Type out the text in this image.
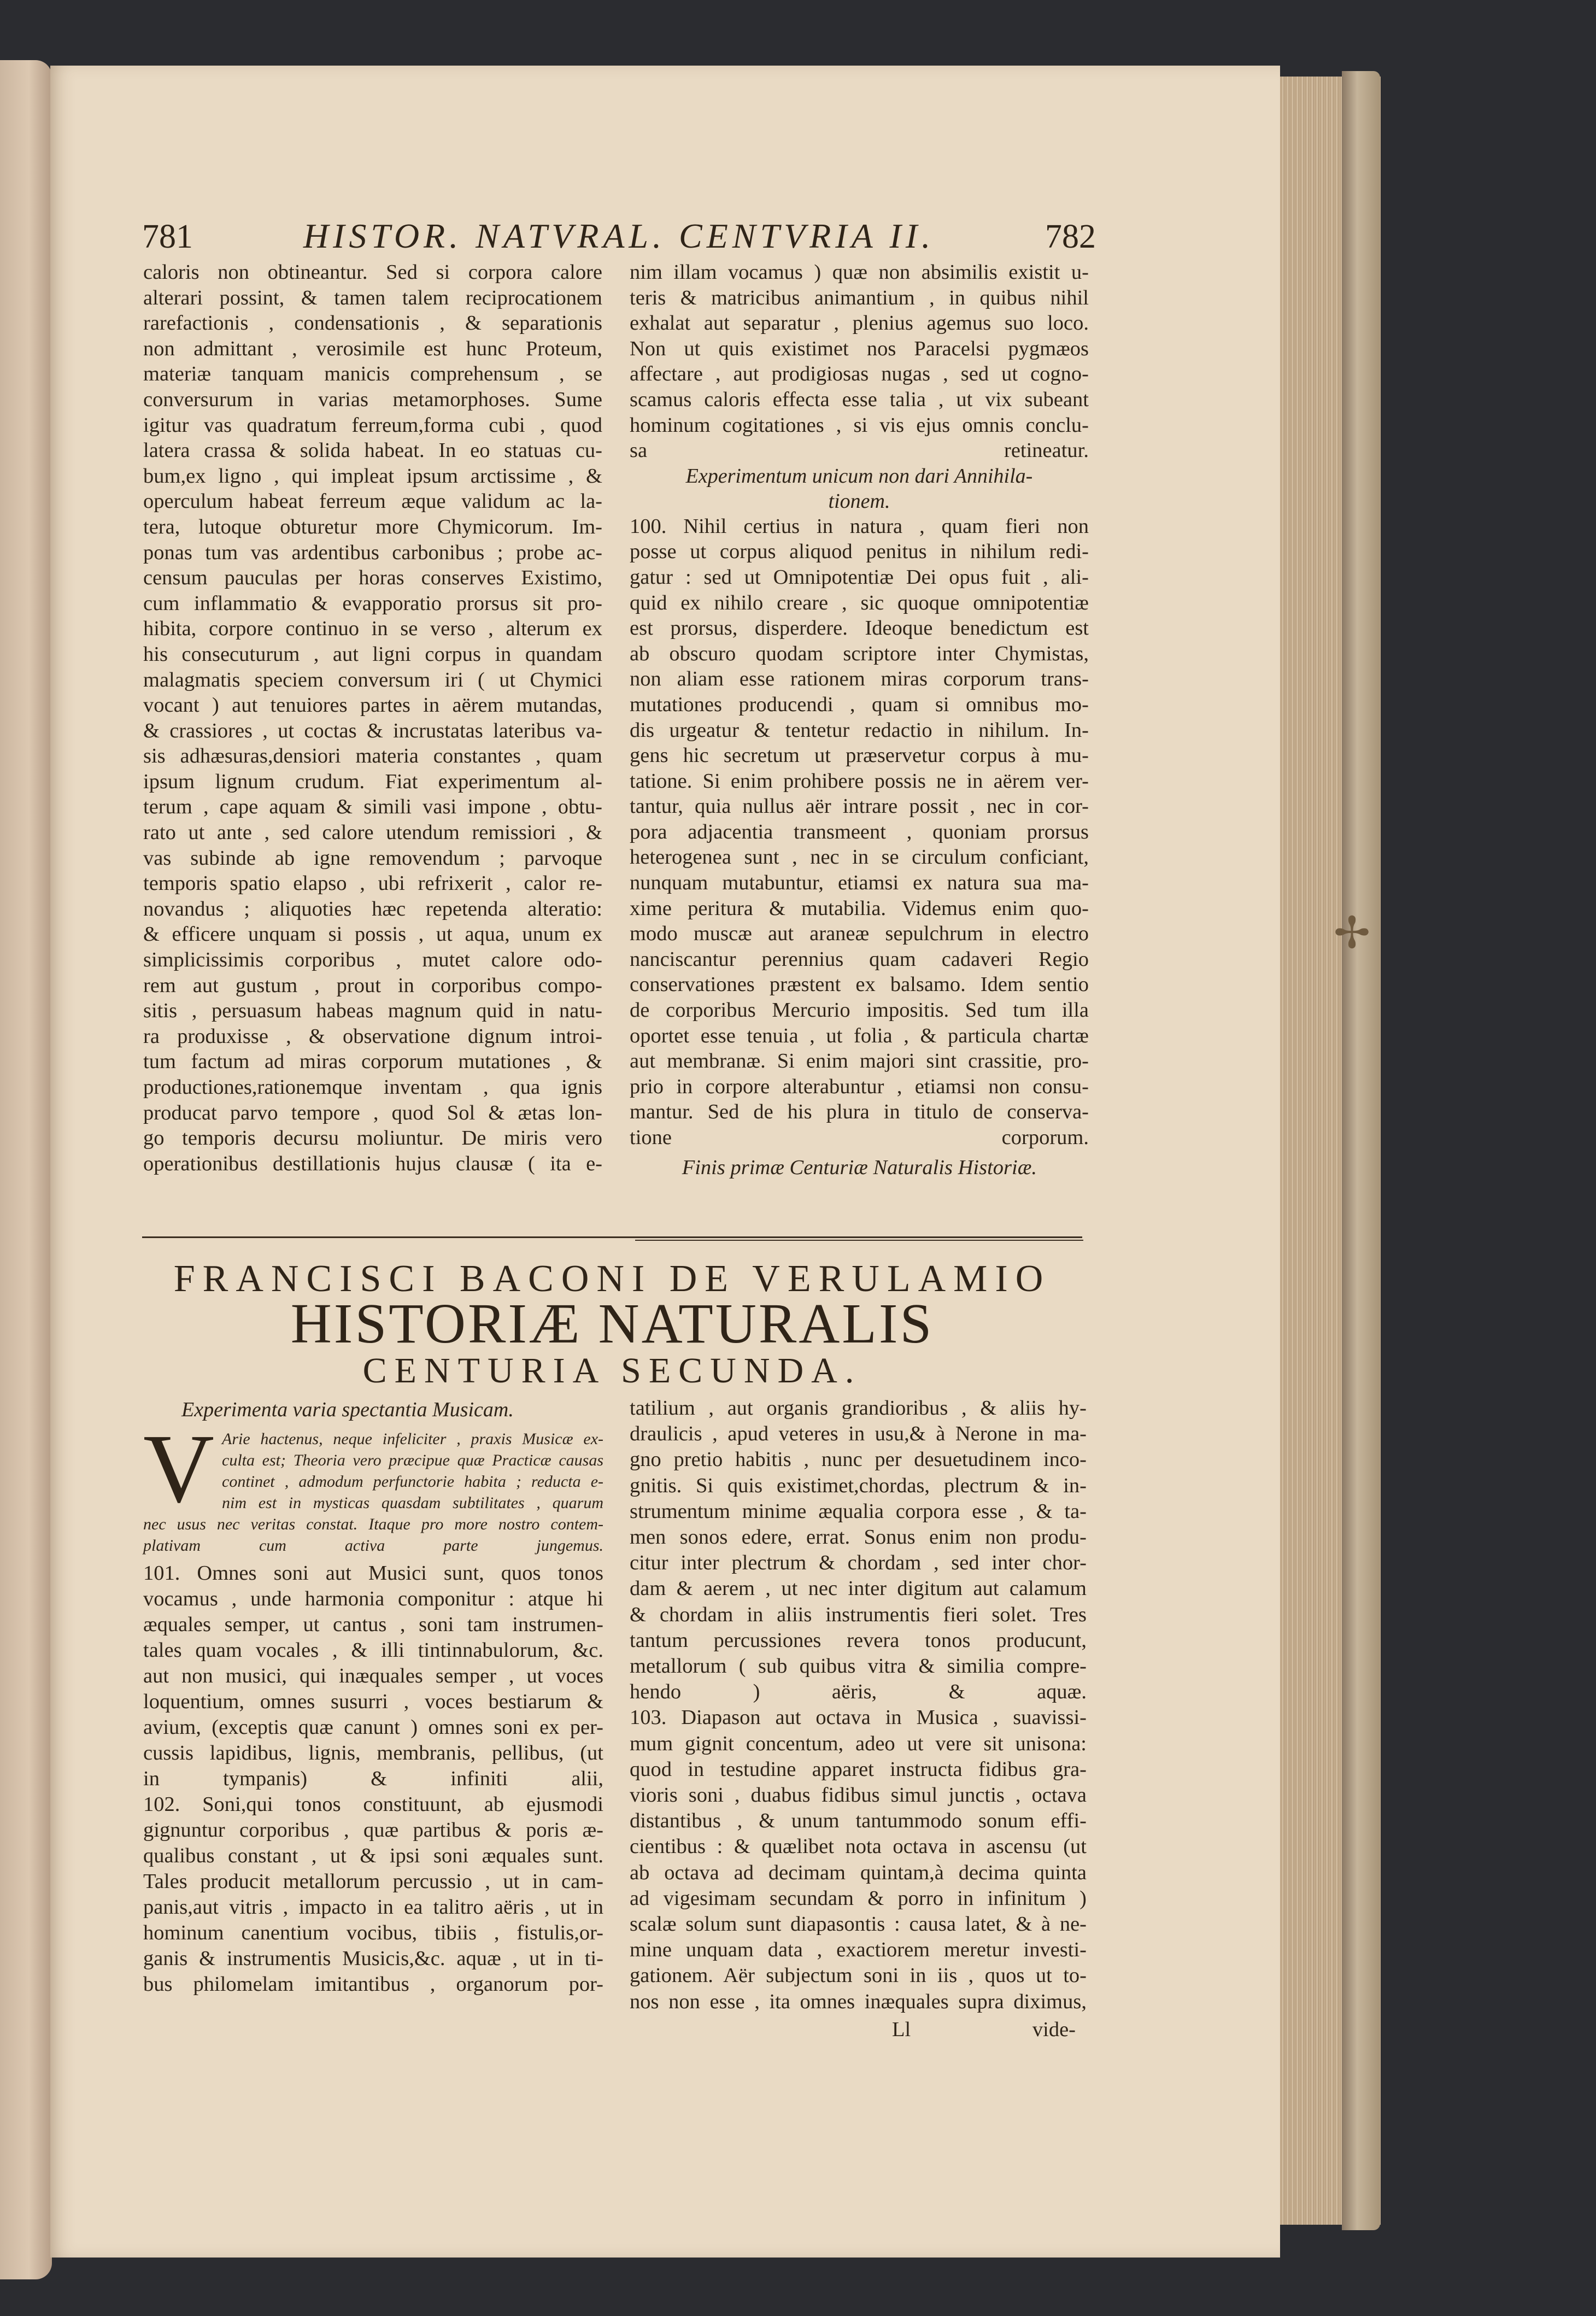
✢
781	HISTOR. NATVRAL. CENTVRIA II.	782
caloris non obtineantur. Sed si corpora calore
alterari possint, & tamen talem reciprocationem
rarefactionis , condensationis , & separationis
non admittant , verosimile est hunc Proteum,
materiæ tanquam manicis comprehensum , se
conversurum in varias metamorphoses. Sume
igitur vas quadratum ferreum,forma cubi , quod
latera crassa & solida habeat. In eo statuas cu-
bum,ex ligno , qui impleat ipsum arctissime , &
operculum habeat ferreum æque validum ac la-
tera, lutoque obturetur more Chymicorum. Im-
ponas tum vas ardentibus carbonibus ; probe ac-
censum pauculas per horas conserves Existimo,
cum inflammatio & evapporatio prorsus sit pro-
hibita, corpore continuo in se verso , alterum ex
his consecuturum , aut ligni corpus in quandam
malagmatis speciem conversum iri ( ut Chymici
vocant ) aut tenuiores partes in aërem mutandas,
& crassiores , ut coctas & incrustatas lateribus va-
sis adhæsuras,densiori materia constantes , quam
ipsum lignum crudum. Fiat experimentum al-
terum , cape aquam & simili vasi impone , obtu-
rato ut ante , sed calore utendum remissiori , &
vas subinde ab igne removendum ; parvoque
temporis spatio elapso , ubi refrixerit , calor re-
novandus ; aliquoties hæc repetenda alteratio:
& efficere unquam si possis , ut aqua, unum ex
simplicissimis corporibus , mutet calore odo-
rem aut gustum , prout in corporibus compo-
sitis , persuasum habeas magnum quid in natu-
ra produxisse , & observatione dignum introi-
tum factum ad miras corporum mutationes , &
productiones,rationemque inventam , qua ignis
producat parvo tempore , quod Sol & ætas lon-
go temporis decursu moliuntur. De miris vero
operationibus destillationis hujus clausæ ( ita e-
nim illam vocamus ) quæ non absimilis existit u-
teris & matricibus animantium , in quibus nihil
exhalat aut separatur , plenius agemus suo loco.
Non ut quis existimet nos Paracelsi pygmæos
affectare , aut prodigiosas nugas , sed ut cogno-
scamus caloris effecta esse talia , ut vix subeant
hominum cogitationes , si vis ejus omnis conclu-
sa retineatur.
Experimentum unicum non dari Annihila-
tionem.
100. Nihil certius in natura , quam fieri non
posse ut corpus aliquod penitus in nihilum redi-
gatur : sed ut Omnipotentiæ Dei opus fuit , ali-
quid ex nihilo creare , sic quoque omnipotentiæ
est prorsus, disperdere. Ideoque benedictum est
ab obscuro quodam scriptore inter Chymistas,
non aliam esse rationem miras corporum trans-
mutationes producendi , quam si omnibus mo-
dis urgeatur & tentetur redactio in nihilum. In-
gens hic secretum ut præservetur corpus à mu-
tatione. Si enim prohibere possis ne in aërem ver-
tantur, quia nullus aër intrare possit , nec in cor-
pora adjacentia transmeent , quoniam prorsus
heterogenea sunt , nec in se circulum conficiant,
nunquam mutabuntur, etiamsi ex natura sua ma-
xime peritura & mutabilia. Videmus enim quo-
modo muscæ aut araneæ sepulchrum in electro
nanciscantur perennius quam cadaveri Regio
conservationes præstent ex balsamo. Idem sentio
de corporibus Mercurio impositis. Sed tum illa
oportet esse tenuia , ut folia , & particula chartæ
aut membranæ. Si enim majori sint crassitie, pro-
prio in corpore alterabuntur , etiamsi non consu-
mantur. Sed de his plura in titulo de conserva-
tione corporum.
Finis primæ Centuriæ Naturalis Historiæ.
FRANCISCI BACONI DE VERULAMIO
HISTORIÆ NATURALIS
CENTURIA SECUNDA.
Experimenta varia spectantia Musicam.
V Arie hactenus, neque infeliciter , praxis Musicæ ex-
culta est; Theoria vero præcipue quæ Practicæ causas
continet , admodum perfunctorie habita ; reducta e-
nim est in mysticas quasdam subtilitates , quarum
nec usus nec veritas constat. Itaque pro more nostro contem-
plativam cum activa parte jungemus.
101. Omnes soni aut Musici sunt, quos tonos
vocamus , unde harmonia componitur : atque hi
æquales semper, ut cantus , soni tam instrumen-
tales quam vocales , & illi tintinnabulorum, &c.
aut non musici, qui inæquales semper , ut voces
loquentium, omnes susurri , voces bestiarum &
avium, (exceptis quæ canunt ) omnes soni ex per-
cussis lapidibus, lignis, membranis, pellibus, (ut
in tympanis) & infiniti alii,
102. Soni,qui tonos constituunt, ab ejusmodi
gignuntur corporibus , quæ partibus & poris æ-
qualibus constant , ut & ipsi soni æquales sunt.
Tales producit metallorum percussio , ut in cam-
panis,aut vitris , impacto in ea talitro aëris , ut in
hominum canentium vocibus, tibiis , fistulis,or-
ganis & instrumentis Musicis,&c. aquæ , ut in ti-
bus philomelam imitantibus , organorum por-
tatilium , aut organis grandioribus , & aliis hy-
draulicis , apud veteres in usu,& à Nerone in ma-
gno pretio habitis , nunc per desuetudinem inco-
gnitis. Si quis existimet,chordas, plectrum & in-
strumentum minime æqualia corpora esse , & ta-
men sonos edere, errat. Sonus enim non produ-
citur inter plectrum & chordam , sed inter chor-
dam & aerem , ut nec inter digitum aut calamum
& chordam in aliis instrumentis fieri solet. Tres
tantum percussiones revera tonos producunt,
metallorum ( sub quibus vitra & similia compre-
hendo ) aëris, & aquæ.
103. Diapason aut octava in Musica , suavissi-
mum gignit concentum, adeo ut vere sit unisona:
quod in testudine apparet instructa fidibus gra-
vioris soni , duabus fidibus simul junctis , octava
distantibus , & unum tantummodo sonum effi-
cientibus : & quælibet nota octava in ascensu (ut
ab octava ad decimam quintam,à decima quinta
ad vigesimam secundam & porro in infinitum )
scalæ solum sunt diapasontis : causa latet, & à ne-
mine unquam data , exactiorem meretur investi-
gationem. Aër subjectum soni in iis , quos ut to-
nos non esse , ita omnes inæquales supra diximus,
Ll	vide-
